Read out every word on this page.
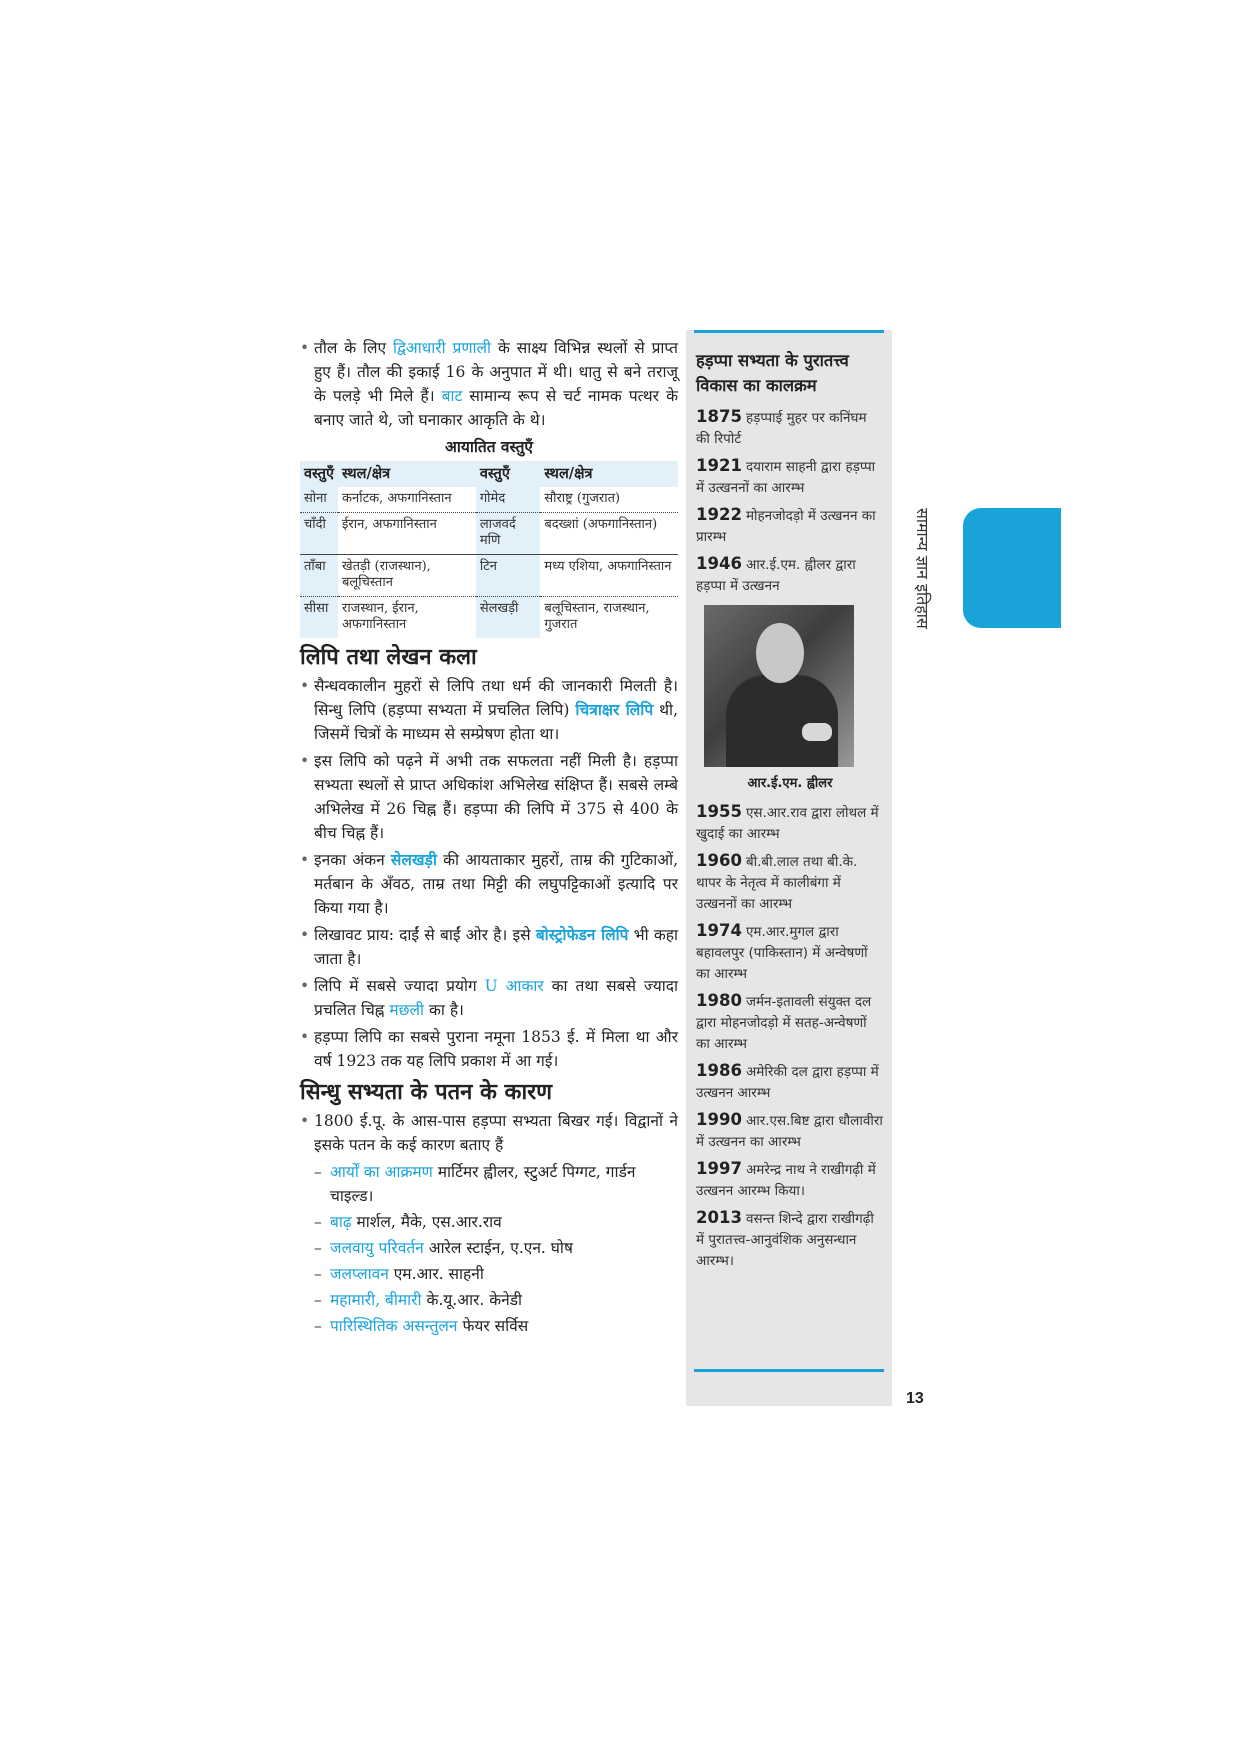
• तौल के लिए द्विआधारी प्रणाली के साक्ष्य विभिन्न स्थलों से प्राप्त हुए हैं। तौल की इकाई 16 के अनुपात में थी। धातु से बने तराजू के पलड़े भी मिले हैं। बाट सामान्य रूप से चर्ट नामक पत्थर के बनाए जाते थे, जो घनाकार आकृति के थे।

आयातित वस्तुएँ
वस्तुएँ	स्थल/क्षेत्र	वस्तुएँ	स्थल/क्षेत्र
सोना	कर्नाटक, अफगानिस्तान	गोमेद	सौराष्ट्र (गुजरात)
चाँदी	ईरान, अफगानिस्तान	लाजवर्द मणि	बदख्शां (अफगानिस्तान)
ताँबा	खेतड़ी (राजस्थान), बलूचिस्तान	टिन	मध्य एशिया, अफगानिस्तान
सीसा	राजस्थान, ईरान, अफगानिस्तान	सेलखड़ी	बलूचिस्तान, राजस्थान, गुजरात
लिपि तथा लेखन कला

• सैन्धवकालीन मुहरों से लिपि तथा धर्म की जानकारी मिलती है। सिन्धु लिपि (हड़प्पा सभ्यता में प्रचलित लिपि) चित्राक्षर लिपि थी, जिसमें चित्रों के माध्यम से सम्प्रेषण होता था।

• इस लिपि को पढ़ने में अभी तक सफलता नहीं मिली है। हड़प्पा सभ्यता स्थलों से प्राप्त अधिकांश अभिलेख संक्षिप्त हैं। सबसे लम्बे अभिलेख में 26 चिह्न हैं। हड़प्पा की लिपि में 375 से 400 के बीच चिह्न हैं।

• इनका अंकन सेलखड़ी की आयताकार मुहरों, ताम्र की गुटिकाओं, मर्तबान के अँवठ, ताम्र तथा मिट्टी की लघुपट्टिकाओं इत्यादि पर किया गया है।

• लिखावट प्राय: दाईं से बाईं ओर है। इसे बोस्ट्रोफेडन लिपि भी कहा जाता है।

• लिपि में सबसे ज्यादा प्रयोग U आकार का तथा सबसे ज्यादा प्रचलित चिह्न मछली का है।

• हड़प्पा लिपि का सबसे पुराना नमूना 1853 ई. में मिला था और वर्ष 1923 तक यह लिपि प्रकाश में आ गई।

सिन्धु सभ्यता के पतन के कारण

• 1800 ई.पू. के आस-पास हड़प्पा सभ्यता बिखर गई। विद्वानों ने इसके पतन के कई कारण बताए हैं

– आर्यों का आक्रमण मार्टिमर ह्वीलर, स्टुअर्ट पिग्गट, गार्डन चाइल्ड।

– बाढ़ मार्शल, मैके, एस.आर.राव

– जलवायु परिवर्तन आरेल स्टाईन, ए.एन. घोष

– जलप्लावन एम.आर. साहनी

– महामारी, बीमारी के.यू.आर. केनेडी

– पारिस्थितिक असन्तुलन फेयर सर्विस

हड़प्पा सभ्यता के पुरातत्त्व विकास का कालक्रम
1875 हड़प्पाई मुहर पर कनिंघम की रिपोर्ट
1921 दयाराम साहनी द्वारा हड़प्पा में उत्खननों का आरम्भ
1922 मोहनजोदड़ो में उत्खनन का प्रारम्भ
1946 आर.ई.एम. ह्वीलर द्वारा हड़प्पा में उत्खनन
आर.ई.एम. ह्वीलर
1955 एस.आर.राव द्वारा लोथल में खुदाई का आरम्भ
1960 बी.बी.लाल तथा बी.के. थापर के नेतृत्व में कालीबंगा में उत्खननों का आरम्भ
1974 एम.आर.मुगल द्वारा बहावलपुर (पाकिस्तान) में अन्वेषणों का आरम्भ
1980 जर्मन-इतावली संयुक्त दल द्वारा मोहनजोदड़ो में सतह-अन्वेषणों का आरम्भ
1986 अमेरिकी दल द्वारा हड़प्पा में उत्खनन आरम्भ
1990 आर.एस.बिष्ट द्वारा धौलावीरा में उत्खनन का आरम्भ
1997 अमरेन्द्र नाथ ने राखीगढ़ी में उत्खनन आरम्भ किया।
2013 वसन्त शिन्दे द्वारा राखीगढ़ी में पुरातत्त्व-आनुवंशिक अनुसन्धान आरम्भ।
सामान्य ज्ञान इतिहास
13
